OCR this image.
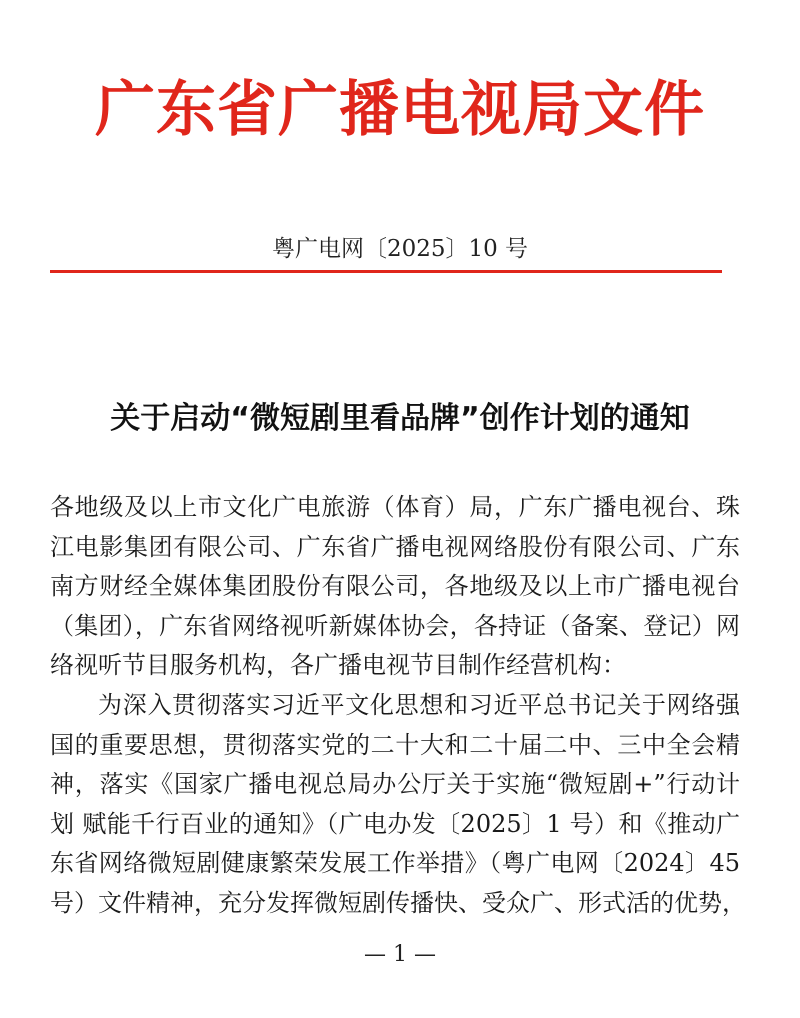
广东省广播电视局文件
粤广电网〔2025〕10 号
关于启动“微短剧里看品牌”创作计划的通知
各地级及以上市文化广电旅游（体育）局，广东广播电视台、珠
江电影集团有限公司、广东省广播电视网络股份有限公司、广东
南方财经全媒体集团股份有限公司，各地级及以上市广播电视台
（集团），广东省网络视听新媒体协会，各持证（备案、登记）网
络视听节目服务机构，各广播电视节目制作经营机构：
为深入贯彻落实习近平文化思想和习近平总书记关于网络强
国的重要思想，贯彻落实党的二十大和二十届二中、三中全会精
神，落实《国家广播电视总局办公厅关于实施“微短剧+”行动计
划 赋能千行百业的通知》（广电办发〔2025〕1 号）和《推动广
东省网络微短剧健康繁荣发展工作举措》（粤广电网〔2024〕45
号）文件精神，充分发挥微短剧传播快、受众广、形式活的优势，
— 1 —
